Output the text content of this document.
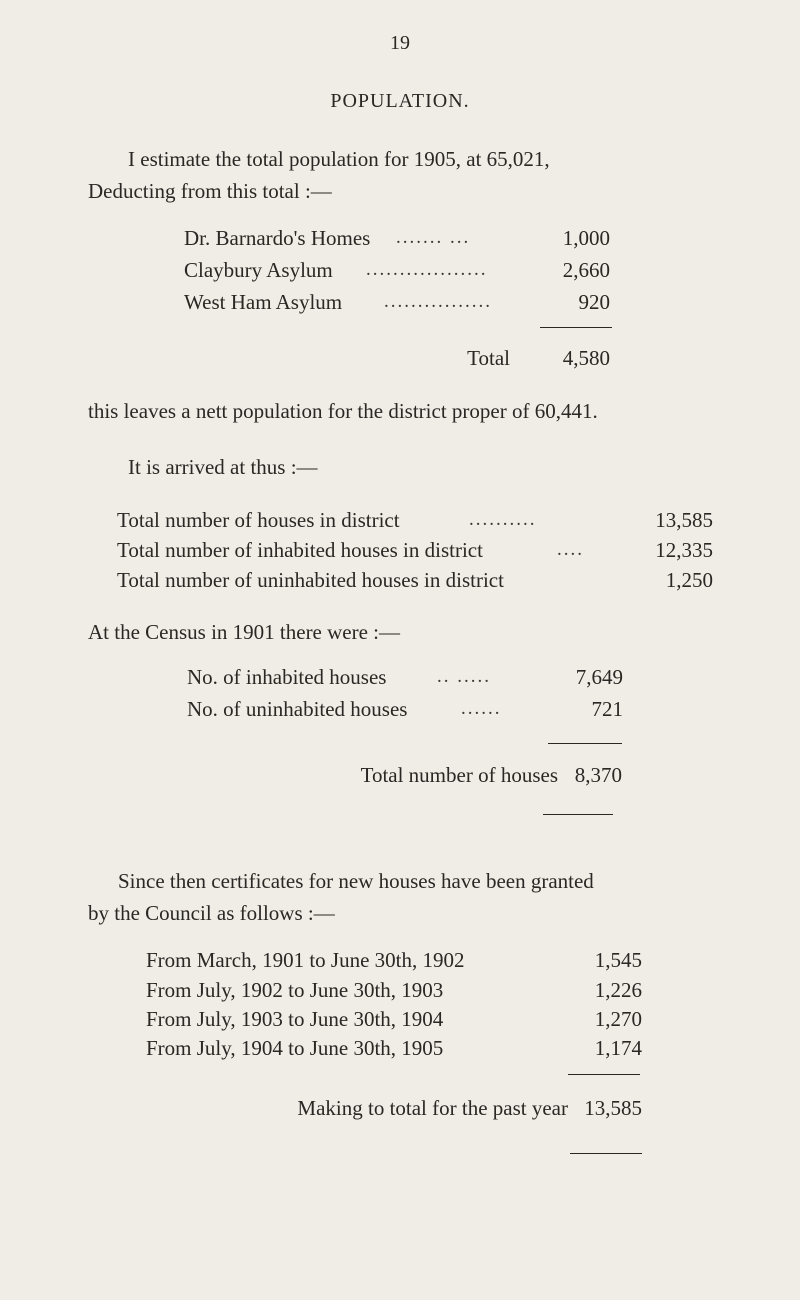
19
POPULATION.
I estimate the total population for 1905, at 65,021,
Deducting from this total :—
Dr. Barnardo's Homes ....... ...	1,000
Claybury Asylum ..................	2,660
West Ham Asylum ................	920
Total	4,580
this leaves a nett population for the district proper of 60,441.
It is arrived at thus :—
Total number of houses in district	..........	13,585
Total number of inhabited houses in district	....	12,335
Total number of uninhabited houses in district	1,250
At the Census in 1901 there were :—
No. of inhabited houses	.. .....	7,649
No. of uninhabited houses	......	721
Total number of houses 8,370
Since then certificates for new houses have been granted
by the Council as follows :—
From March, 1901 to June 30th, 1902	1,545
From July, 1902 to June 30th, 1903	1,226
From July, 1903 to June 30th, 1904	1,270
From July, 1904 to June 30th, 1905	1,174
Making to total for the past year 13,585
